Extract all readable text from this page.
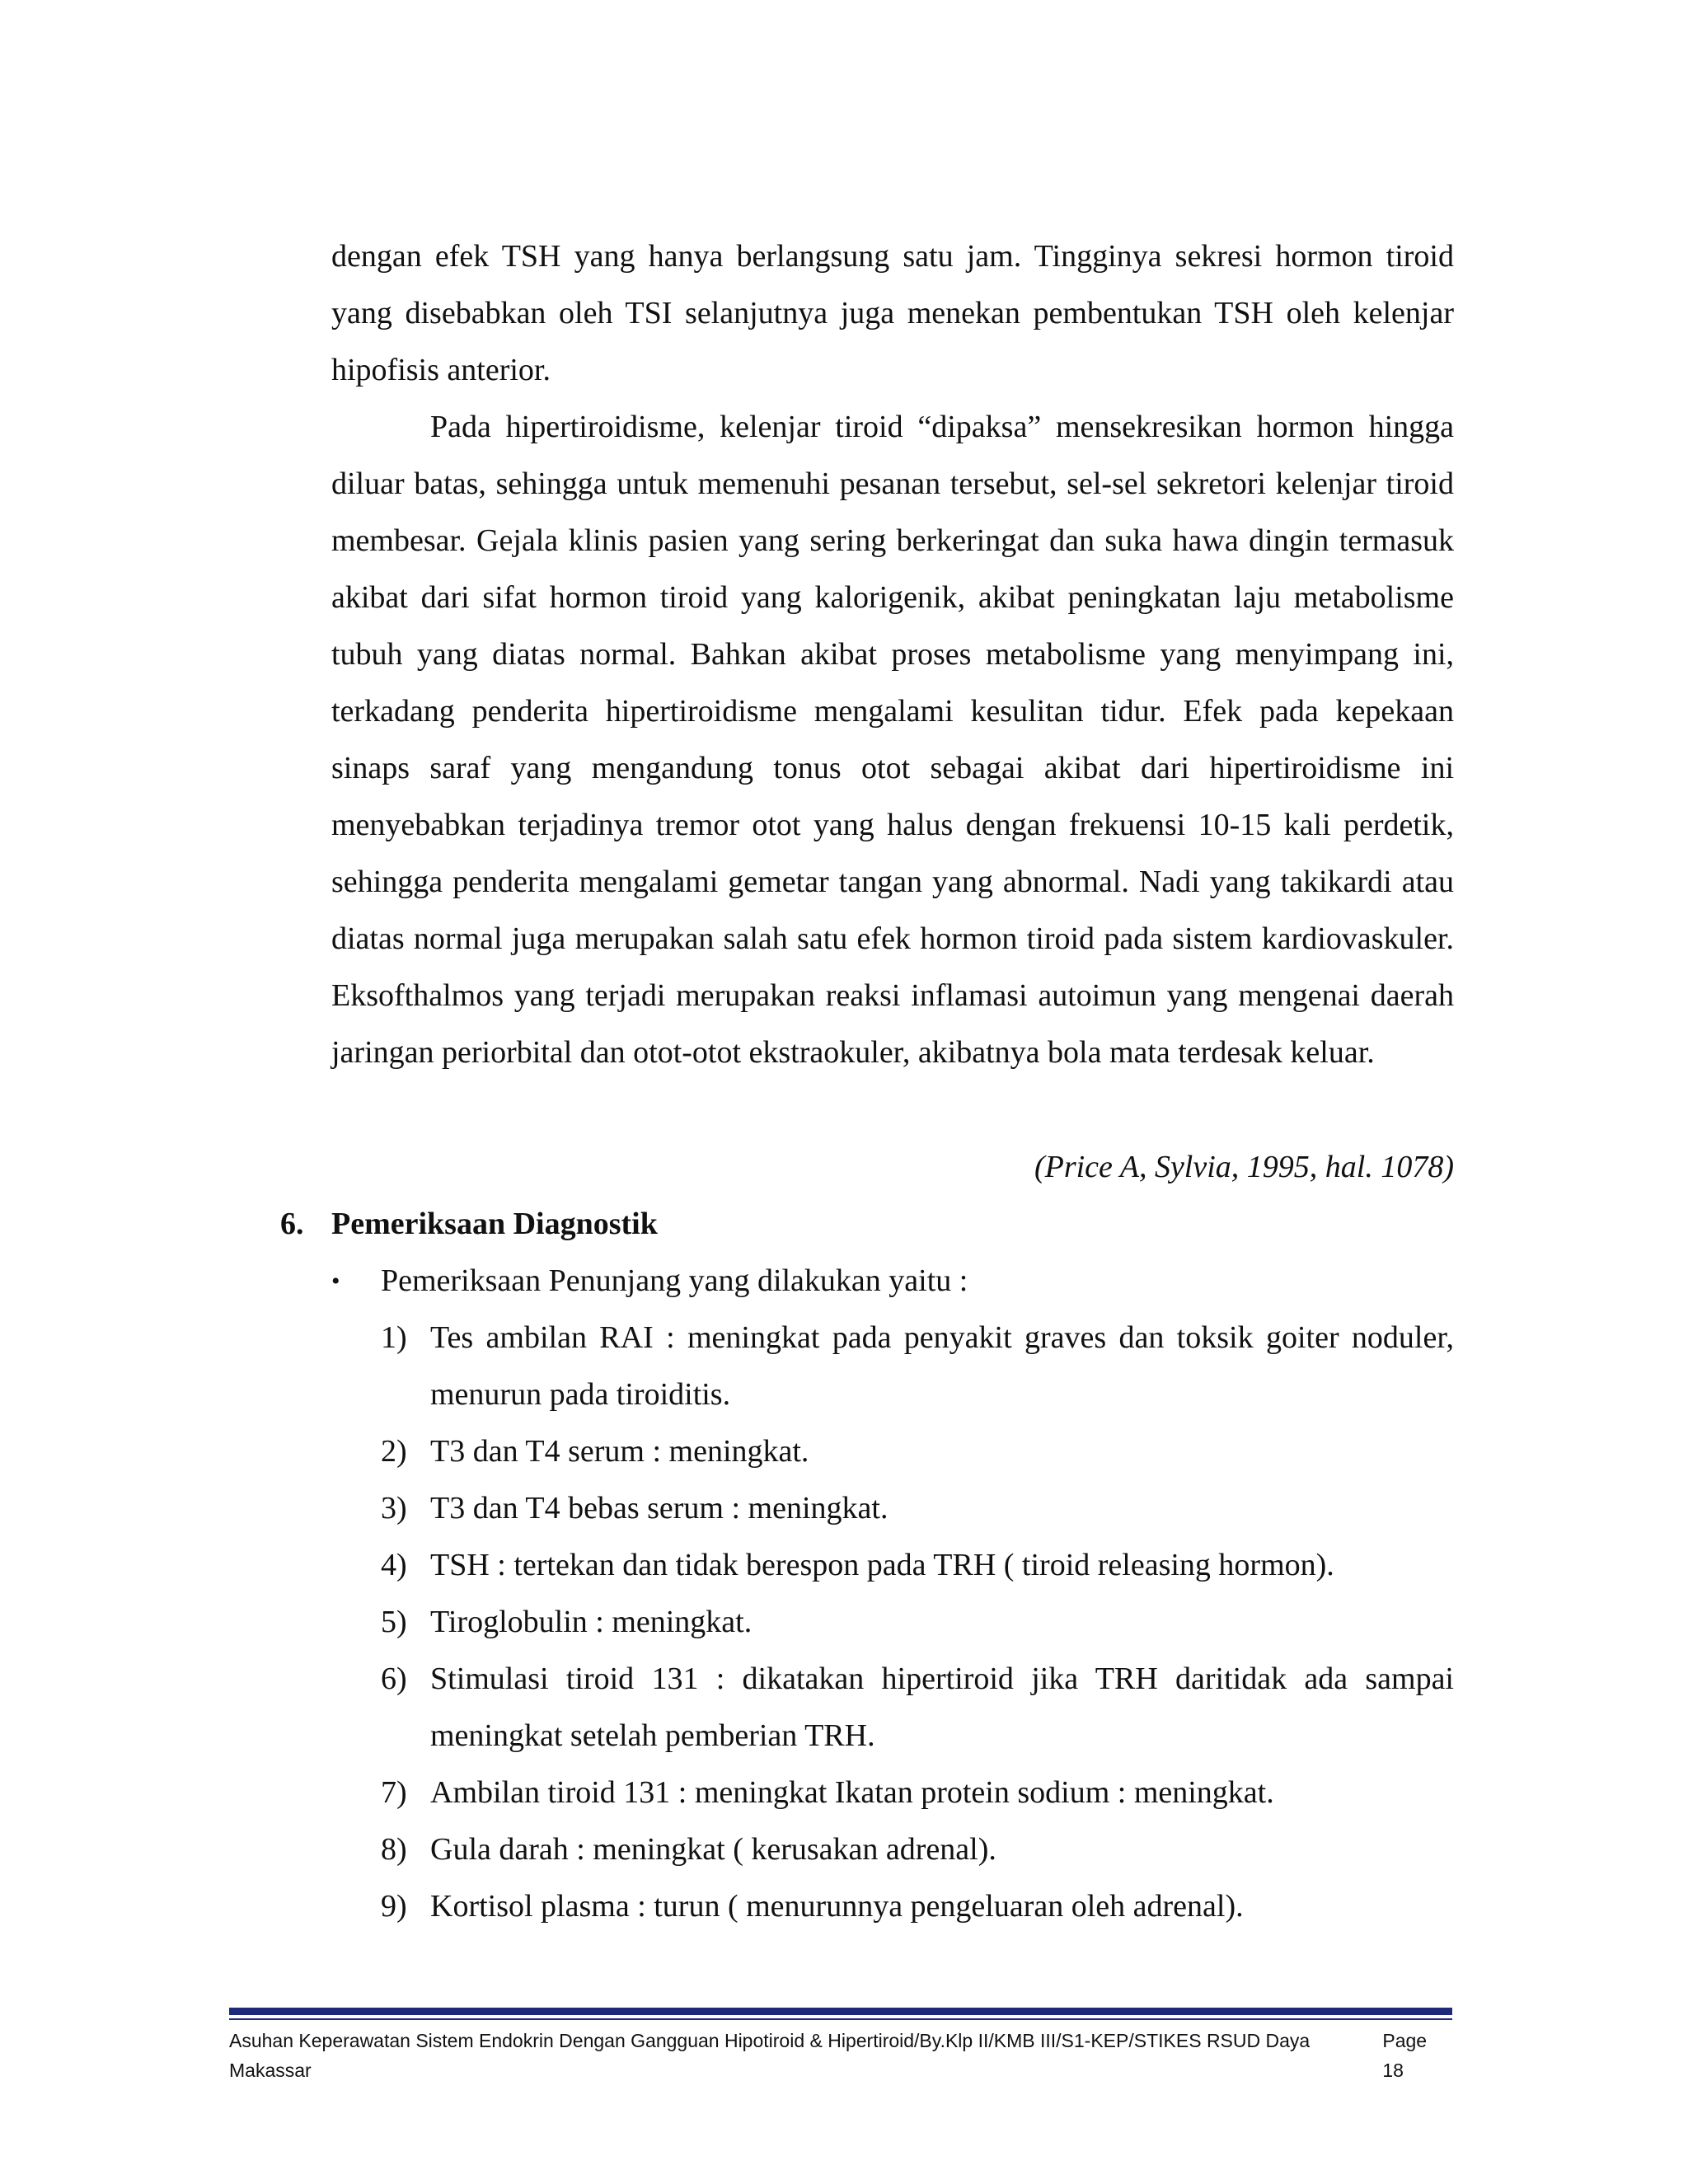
dengan efek TSH yang hanya berlangsung satu jam. Tingginya sekresi hormon tiroid yang disebabkan oleh TSI selanjutnya juga menekan pembentukan TSH oleh kelenjar hipofisis anterior.
Pada hipertiroidisme, kelenjar tiroid “dipaksa” mensekresikan hormon hingga diluar batas, sehingga untuk memenuhi pesanan tersebut, sel-sel sekretori kelenjar tiroid membesar. Gejala klinis pasien yang sering berkeringat dan suka hawa dingin termasuk akibat dari sifat hormon tiroid yang kalorigenik, akibat peningkatan laju metabolisme tubuh yang diatas normal. Bahkan akibat proses metabolisme yang menyimpang ini, terkadang penderita hipertiroidisme mengalami kesulitan tidur. Efek pada kepekaan sinaps saraf yang mengandung tonus otot sebagai akibat dari hipertiroidisme ini menyebabkan terjadinya tremor otot yang halus dengan frekuensi 10-15 kali perdetik, sehingga penderita mengalami gemetar tangan yang abnormal. Nadi yang takikardi atau diatas normal juga merupakan salah satu efek hormon tiroid pada sistem kardiovaskuler. Eksofthalmos yang terjadi merupakan reaksi inflamasi autoimun yang mengenai daerah jaringan periorbital dan otot-otot ekstraokuler, akibatnya bola mata terdesak keluar.
(Price A, Sylvia, 1995, hal. 1078)
6. Pemeriksaan Diagnostik
• Pemeriksaan Penunjang yang dilakukan yaitu :
1) Tes ambilan RAI : meningkat pada penyakit graves dan toksik goiter noduler, menurun pada tiroiditis.
2) T3 dan T4 serum : meningkat.
3) T3 dan T4 bebas serum : meningkat.
4) TSH : tertekan dan tidak berespon pada TRH ( tiroid releasing hormon).
5) Tiroglobulin : meningkat.
6) Stimulasi tiroid 131 : dikatakan hipertiroid jika TRH daritidak ada sampai meningkat setelah pemberian TRH.
7) Ambilan tiroid 131 : meningkat Ikatan protein sodium : meningkat.
8) Gula darah : meningkat ( kerusakan adrenal).
9) Kortisol plasma : turun ( menurunnya pengeluaran oleh adrenal).
Asuhan Keperawatan Sistem Endokrin Dengan Gangguan Hipotiroid & Hipertiroid/By.Klp II/KMB III/S1-KEP/STIKES RSUD Daya Makassar
Page 18
